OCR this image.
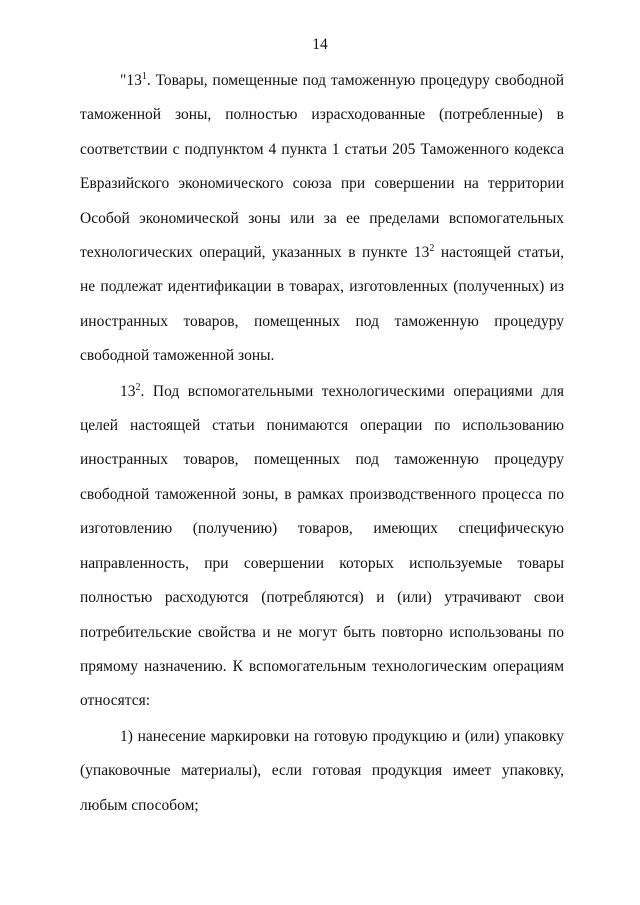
14

"$13^1$. Товары, помещенные под таможенную процедуру свободной таможенной зоны, полностью израсходованные (потребленные) в соответствии с подпунктом 4 пункта 1 статьи 205 Таможенного кодекса Евразийского экономического союза при совершении на территории Особой экономической зоны или за ее пределами вспомогательных технологических операций, указанных в пункте $13^2$ настоящей статьи, не подлежат идентификации в товарах, изготовленных (полученных) из иностранных товаров, помещенных под таможенную процедуру свободной таможенной зоны.

$13^2$. Под вспомогательными технологическими операциями для целей настоящей статьи понимаются операции по использованию иностранных товаров, помещенных под таможенную процедуру свободной таможенной зоны, в рамках производственного процесса по изготовлению (получению) товаров, имеющих специфическую направленность, при совершении которых используемые товары полностью расходуются (потребляются) и (или) утрачивают свои потребительские свойства и не могут быть повторно использованы по прямому назначению. К вспомогательным технологическим операциям относятся:

1) нанесение маркировки на готовую продукцию и (или) упаковку (упаковочные материалы), если готовая продукция имеет упаковку, любым способом;
